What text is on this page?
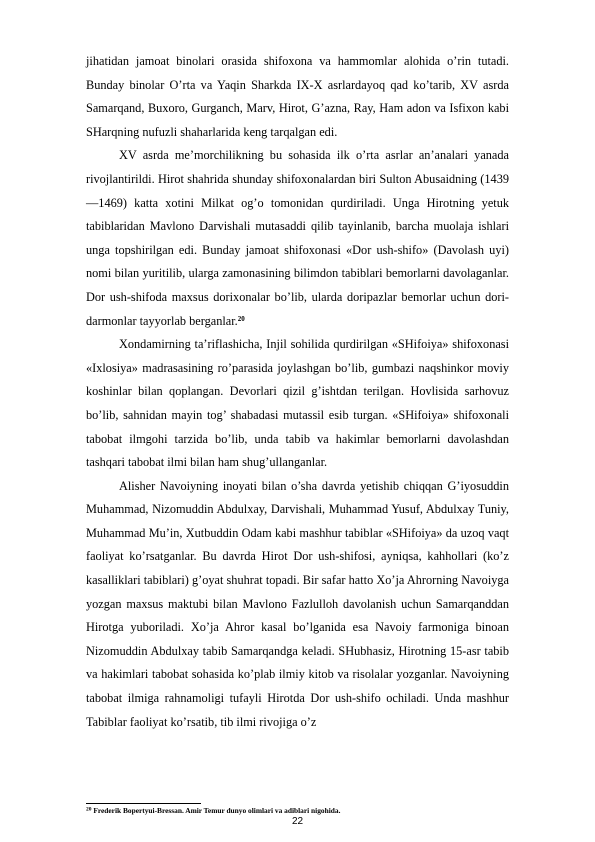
jihatidan jamoat binolari orasida shifoxona va hammomlar alohida o’rin tutadi. Bunday binolar O’rta va Yaqin Sharkda IX-X asrlardayoq qad ko’tarib, XV asrda Samarqand, Buxoro, Gurganch, Marv, Hirot, G’azna, Ray, Ham adon va Isfixon kabi SHarqning nufuzli shaharlarida keng tarqalgan edi.

XV asrda me’morchilikning bu sohasida ilk o’rta asrlar an’analari yanada rivojlantirildi. Hirot shahrida shunday shifoxonalardan biri Sulton Abusaidning (1439—1469) katta xotini Milkat og’o tomonidan qurdiriladi. Unga Hirotning yetuk tabiblaridan Mavlono Darvishali mutasaddi qilib tayinlanib, barcha muolaja ishlari unga topshirilgan edi. Bunday jamoat shifoxonasi «Dor ush-shifo» (Davolash uyi) nomi bilan yuritilib, ularga zamonasining bilimdon tabiblari bemorlarni davolaganlar. Dor ush-shifoda maxsus dorixonalar bo’lib, ularda doripazlar bemorlar uchun dori-darmonlar tayyorlab berganlar.$^{20}$

Xondamirning ta’riflashicha, Injil sohilida qurdirilgan «SHifoiya» shifoxonasi «Ixlosiya» madrasasining ro’parasida joylashgan bo’lib, gumbazi naqshinkor moviy koshinlar bilan qoplangan. Devorlari qizil g’ishtdan terilgan. Hovlisida sarhovuz bo’lib, sahnidan mayin tog’ shabadasi mutassil esib turgan. «SHifoiya» shifoxonali tabobat ilmgohi tarzida bo’lib, unda tabib va hakimlar bemorlarni davolashdan tashqari tabobat ilmi bilan ham shug’ullanganlar.

Alisher Navoiyning inoyati bilan o’sha davrda yetishib chiqqan G’iyosuddin Muhammad, Nizomuddin Abdulxay, Darvishali, Muhammad Yusuf, Abdulxay Tuniy, Muhammad Mu’in, Xutbuddin Odam kabi mashhur tabiblar «SHifoiya» da uzoq vaqt faoliyat ko’rsatganlar. Bu davrda Hirot Dor ush-shifosi, ayniqsa, kahhollari (ko’z kasalliklari tabiblari) g’oyat shuhrat topadi. Bir safar hatto Xo’ja Ahrorning Navoiyga yozgan maxsus maktubi bilan Mavlono Fazlulloh davolanish uchun Samarqanddan Hirotga yuboriladi. Xo’ja Ahror kasal bo’lganida esa Navoiy farmoniga binoan Nizomuddin Abdulxay tabib Samarqandga keladi. SHubhasiz, Hirotning 15-asr tabib va hakimlari tabobat sohasida ko’plab ilmiy kitob va risolalar yozganlar. Navoiyning tabobat ilmiga rahnamoligi tufayli Hirotda Dor ush-shifo ochiladi. Unda mashhur Tabiblar faoliyat ko’rsatib, tib ilmi rivojiga o’z

$^{20}$ Frederik Bopertyui-Bressan. Amir Temur dunyo olimlari va adiblari nigohida.
22
